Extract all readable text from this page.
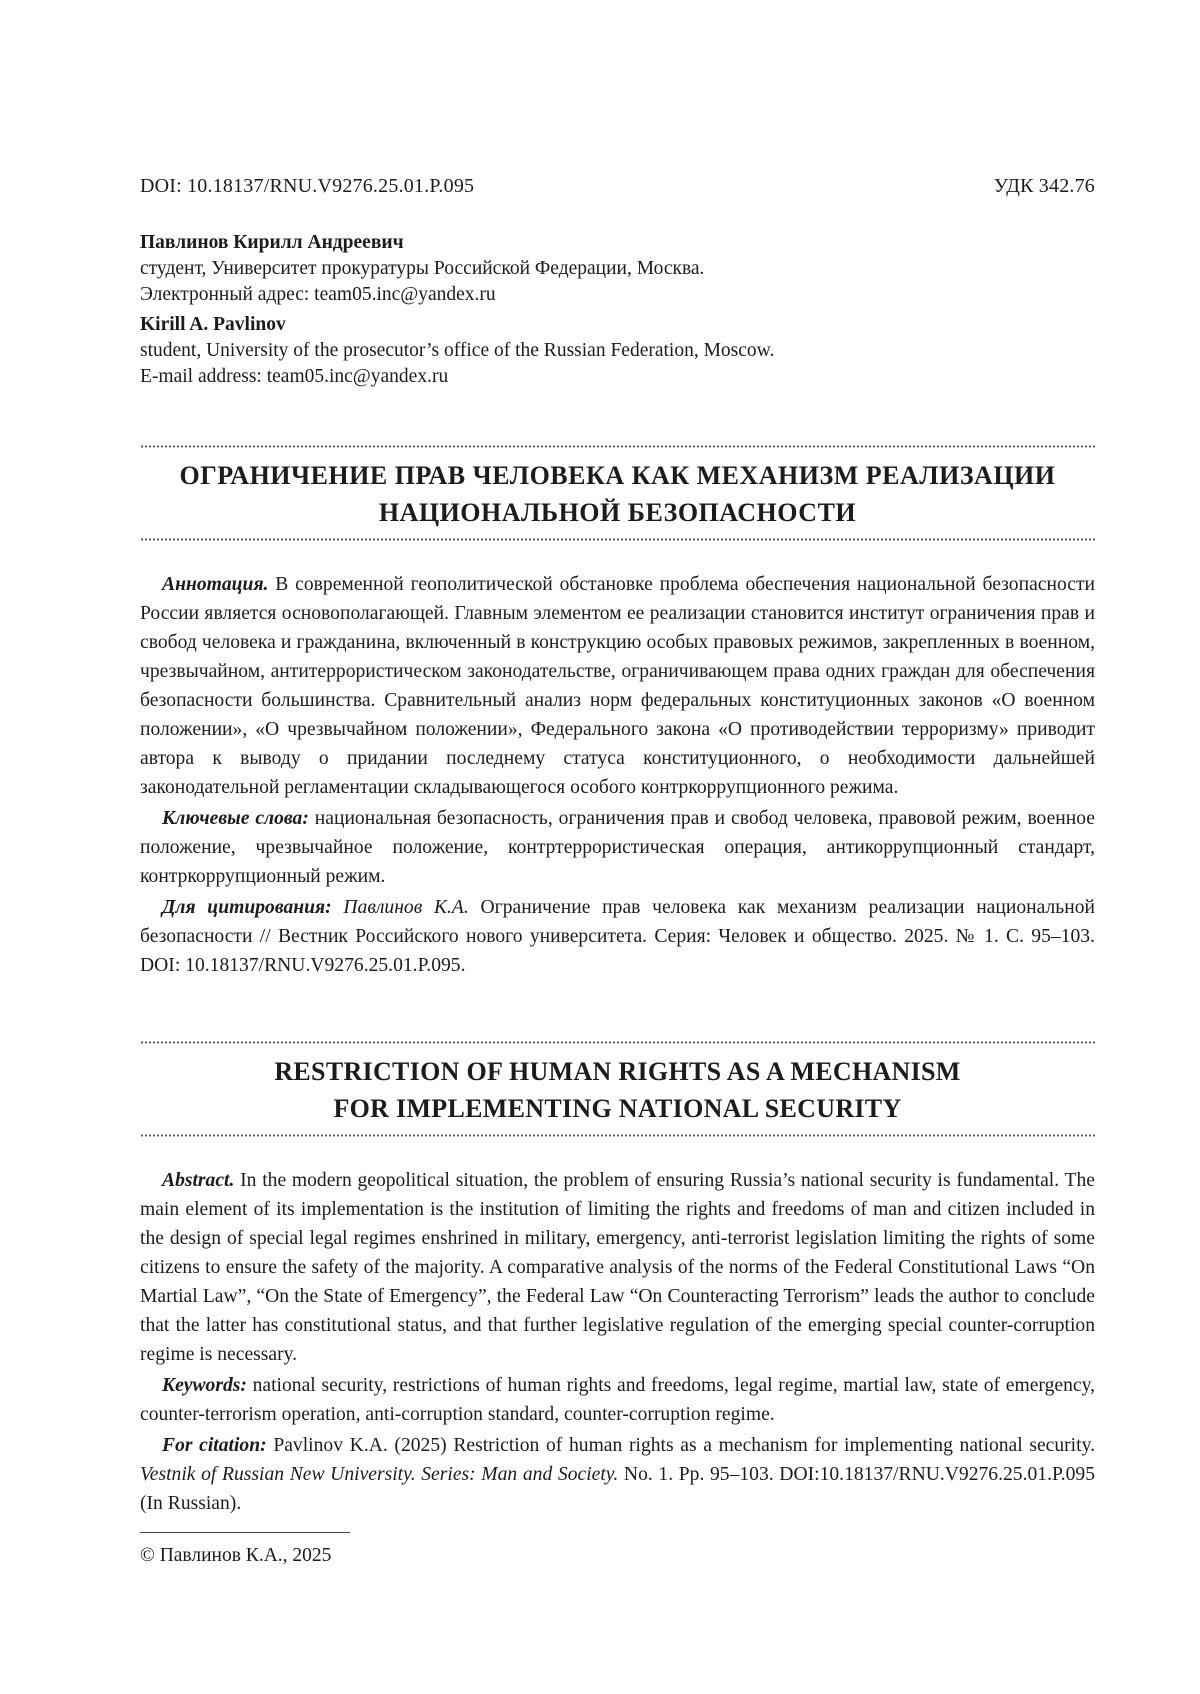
DOI: 10.18137/RNU.V9276.25.01.P.095	УДК 342.76
Павлинов Кирилл Андреевич
студент, Университет прокуратуры Российской Федерации, Москва.
Электронный адрес: team05.inc@yandex.ru
Kirill A. Pavlinov
student, University of the prosecutor’s office of the Russian Federation, Moscow.
E-mail address: team05.inc@yandex.ru
ОГРАНИЧЕНИЕ ПРАВ ЧЕЛОВЕКА КАК МЕХАНИЗМ РЕАЛИЗАЦИИ
НАЦИОНАЛЬНОЙ БЕЗОПАСНОСТИ

Аннотация. В современной геополитической обстановке проблема обеспечения национальной безопасности России является основополагающей. Главным элементом ее реализации становится институт ограничения прав и свобод человека и гражданина, включенный в конструкцию особых правовых режимов, закрепленных в военном, чрезвычайном, антитеррористическом законодательстве, ограничивающем права одних граждан для обеспечения безопасности большинства. Сравнительный анализ норм федеральных конституционных законов «О военном положении», «О чрезвычайном положении», Федерального закона «О противодействии терроризму» приводит автора к выводу о придании последнему статуса конституционного, о необходимости дальнейшей законодательной регламентации складывающегося особого контркоррупционного режима.

Ключевые слова: национальная безопасность, ограничения прав и свобод человека, правовой режим, военное положение, чрезвычайное положение, контртеррористическая операция, антикоррупционный стандарт, контркоррупционный режим.

Для цитирования: Павлинов К.А. Ограничение прав человека как механизм реализации национальной безопасности // Вестник Российского нового университета. Серия: Человек и общество. 2025. № 1. С. 95–103. DOI: 10.18137/RNU.V9276.25.01.P.095.

RESTRICTION OF HUMAN RIGHTS AS A MECHANISM
FOR IMPLEMENTING NATIONAL SECURITY

Abstract. In the modern geopolitical situation, the problem of ensuring Russia’s national security is fundamental. The main element of its implementation is the institution of limiting the rights and freedoms of man and citizen included in the design of special legal regimes enshrined in military, emergency, anti-terrorist legislation limiting the rights of some citizens to ensure the safety of the majority. A comparative analysis of the norms of the Federal Constitutional Laws “On Martial Law”, “On the State of Emergency”, the Federal Law “On Counteracting Terrorism” leads the author to conclude that the latter has constitutional status, and that further legislative regulation of the emerging special counter-corruption regime is necessary.

Keywords: national security, restrictions of human rights and freedoms, legal regime, martial law, state of emergency, counter-terrorism operation, anti-corruption standard, counter-corruption regime.

For citation: Pavlinov K.A. (2025) Restriction of human rights as a mechanism for implementing national security. Vestnik of Russian New University. Series: Man and Society. No. 1. Pp. 95–103. DOI:10.18137/RNU.V9276.25.01.P.095 (In Russian).

© Павлинов К.А., 2025
